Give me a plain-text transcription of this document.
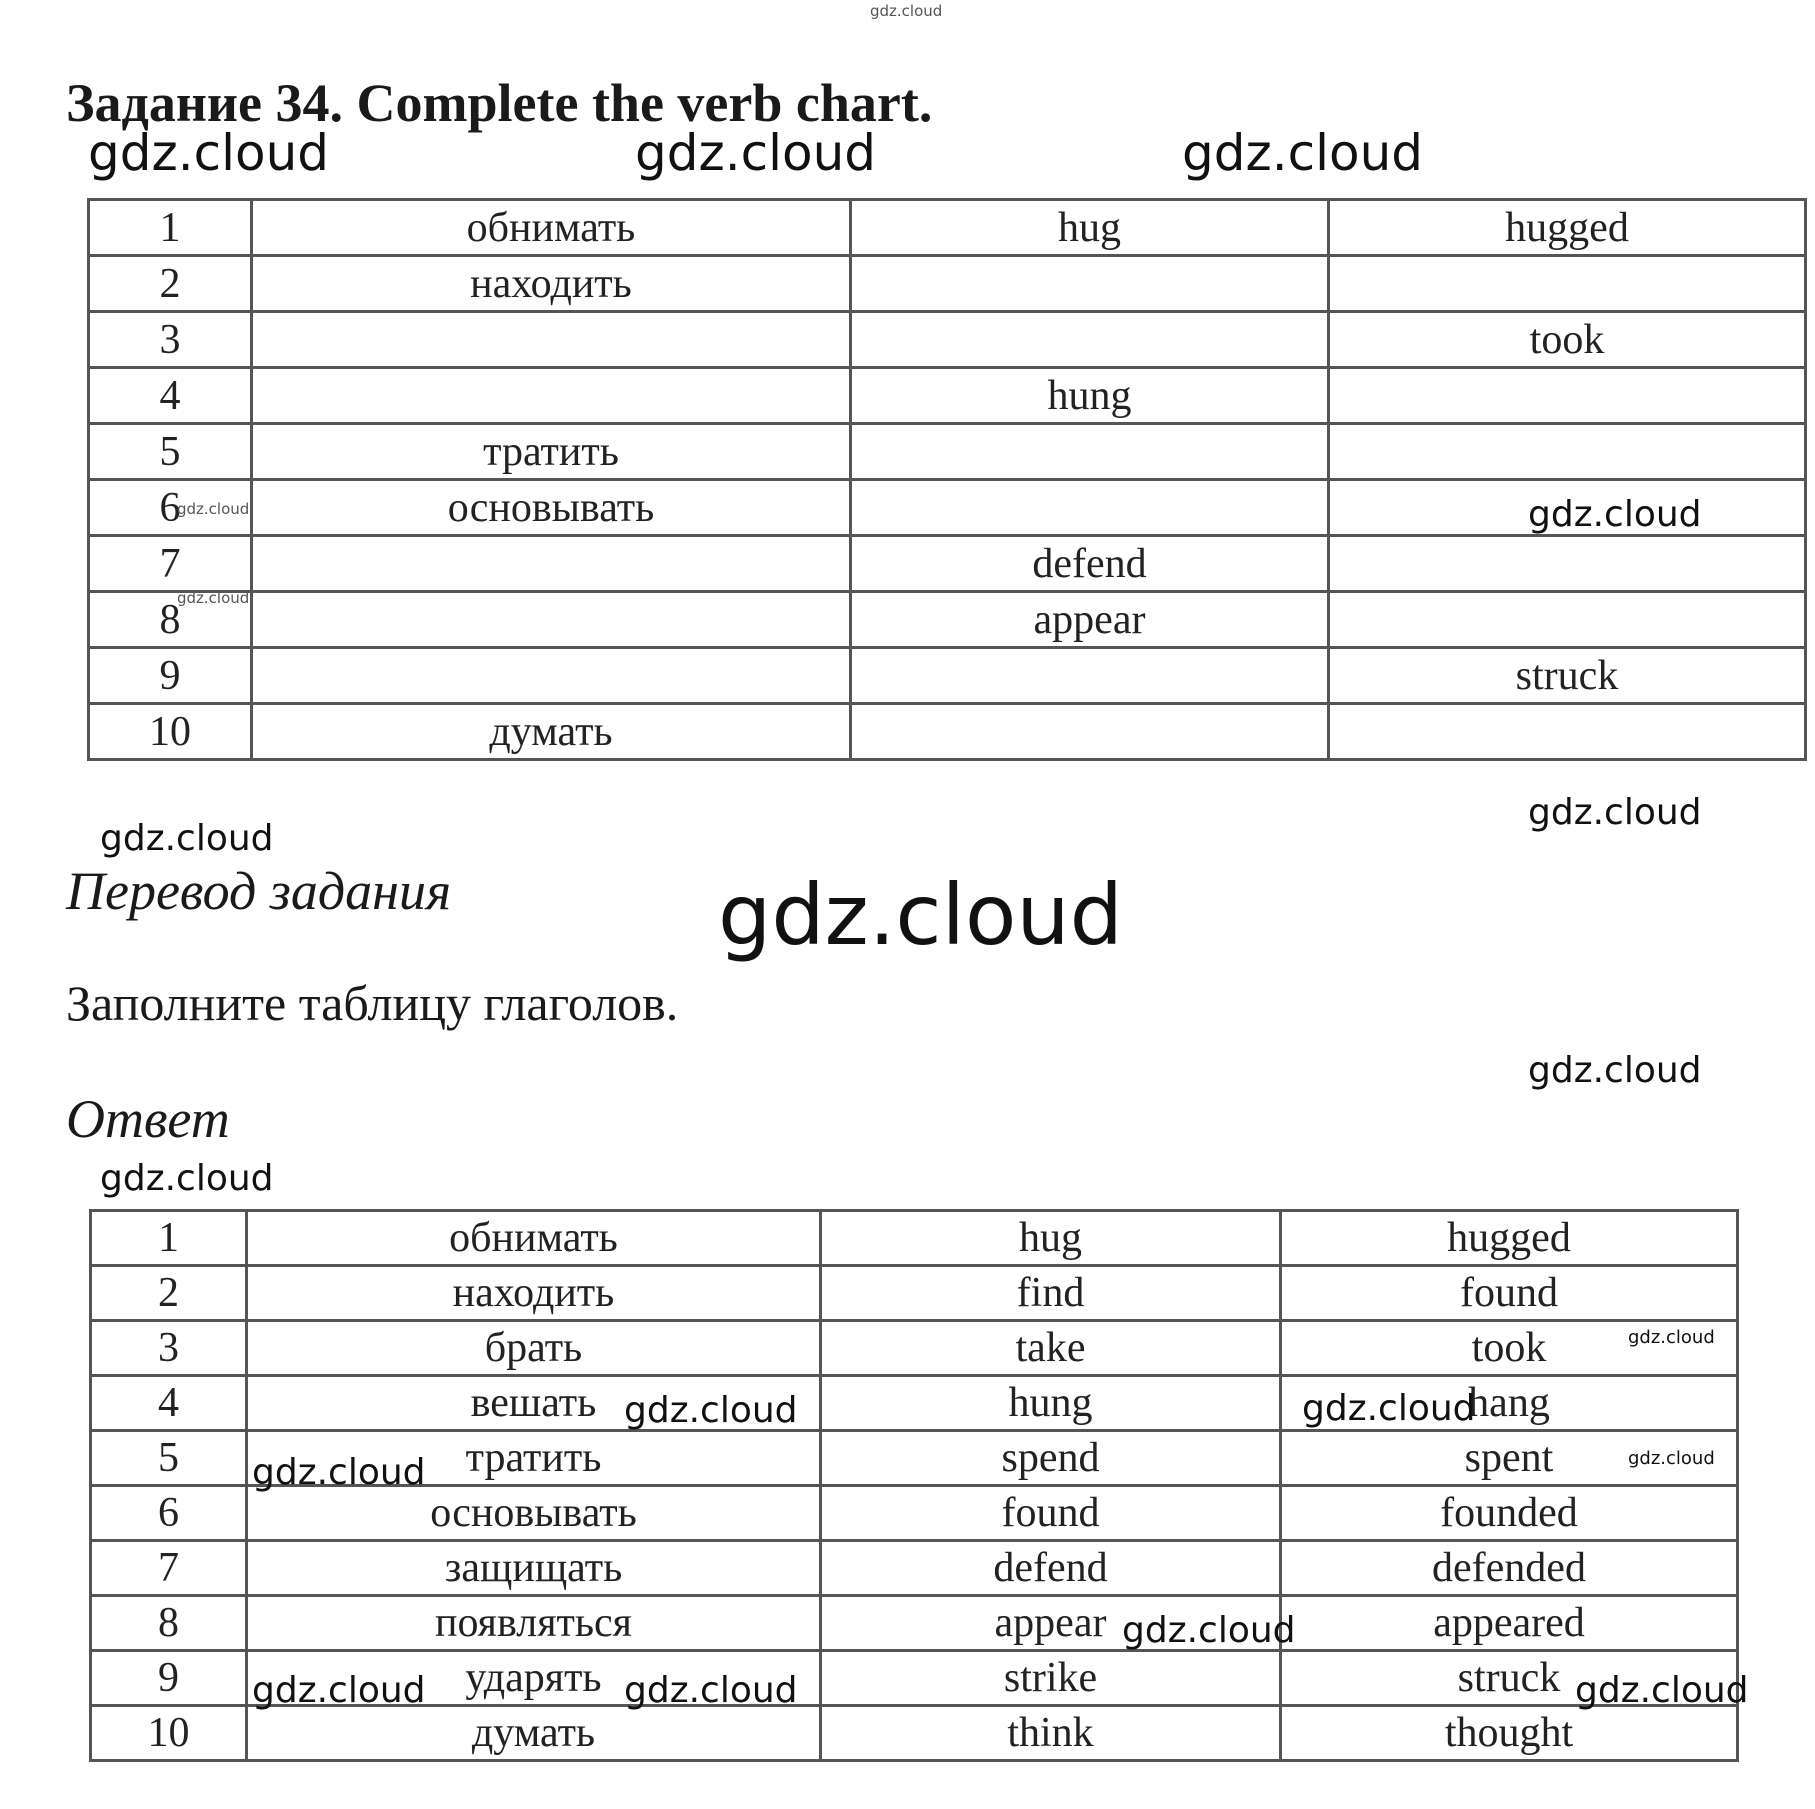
gdz.cloud
Задание 34. Complete the verb chart.
gdz.cloud	gdz.cloud	gdz.cloud
1	обнимать	hug	hugged
2	находить		
3			took
4		hung	
5	тратить		
6	основывать		
7		defend	
8		appear	
9			struck
10	думать		
gdz.cloud
gdz.cloud
gdz.cloud
gdz.cloud
gdz.cloud
Перевод задания	gdz.cloud
Заполните таблицу глаголов.
gdz.cloud
Ответ
gdz.cloud
1	обнимать	hug	hugged
2	находить	find	found
3	брать	take	took
4	вешать	hung	hang
5	тратить	spend	spent
6	основывать	found	founded
7	защищать	defend	defended
8	появляться	appear	appeared
9	ударять	strike	struck
10	думать	think	thought
gdz.cloud
gdz.cloud	gdz.cloud
gdz.cloud	gdz.cloud
gdz.cloud
gdz.cloud	gdz.cloud	gdz.cloud
